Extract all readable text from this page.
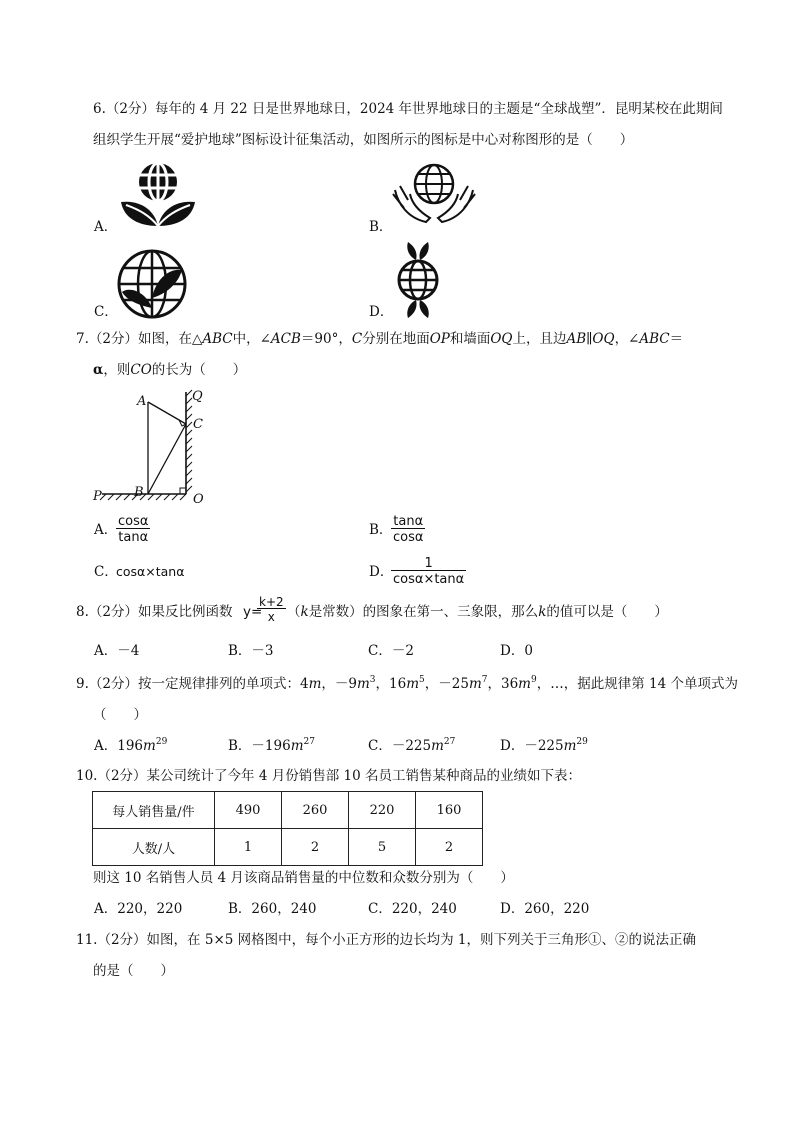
6.（2分）每年的 4 月 22 日是世界地球日，2024 年世界地球日的主题是“全球战塑”．昆明某校在此期间
组织学生开展“爱护地球”图标设计征集活动，如图所示的图标是中心对称图形的是（　　）
A．	B．
C．	D．
7.（2分）如图，在△ABC中，∠ACB＝90°，C分别在地面OP和墙面OQ上，且边AB∥OQ，∠ABC＝
α，则CO的长为（　　）
A	Q
C
P B	O
A．
$\frac{\cos\alpha}{\tan\alpha}$	B．
$\frac{\tan\alpha}{\cos\alpha}$
C．
cosα×tanα	D．
$\frac{1}{\cos\alpha\times\tan\alpha}$
8.（2分）如果反比例函数 y=
$\frac{k+2}{x} (k$是常数）的图象在第一、三象限，那么k的值可以是（　　）
A．－4	B．－3	C．－2	D．0
9.（2分）按一定规律排列的单项式：4m，$-9m^3$，$16m^5$，$-25m^7$，$36m^9$，…，据此规律第 14 个单项式为
（　　）
A．$196m^{29}$	B．$-196m^{27}$	C．$-225m^{27}$	D．$-225m^{29}$
10.（2分）某公司统计了今年 4 月份销售部 10 名员工销售某种商品的业绩如下表：
每人销售量/件	490	260	220	160
人数/人	1	2	5	2
则这 10 名销售人员 4 月该商品销售量的中位数和众数分别为（　　）
A．220，220	B．260，240	C．220，240	D．260，220
11.（2分）如图，在 5×5 网格图中，每个小正方形的边长均为 1，则下列关于三角形①、②的说法正确
的是（　　）
